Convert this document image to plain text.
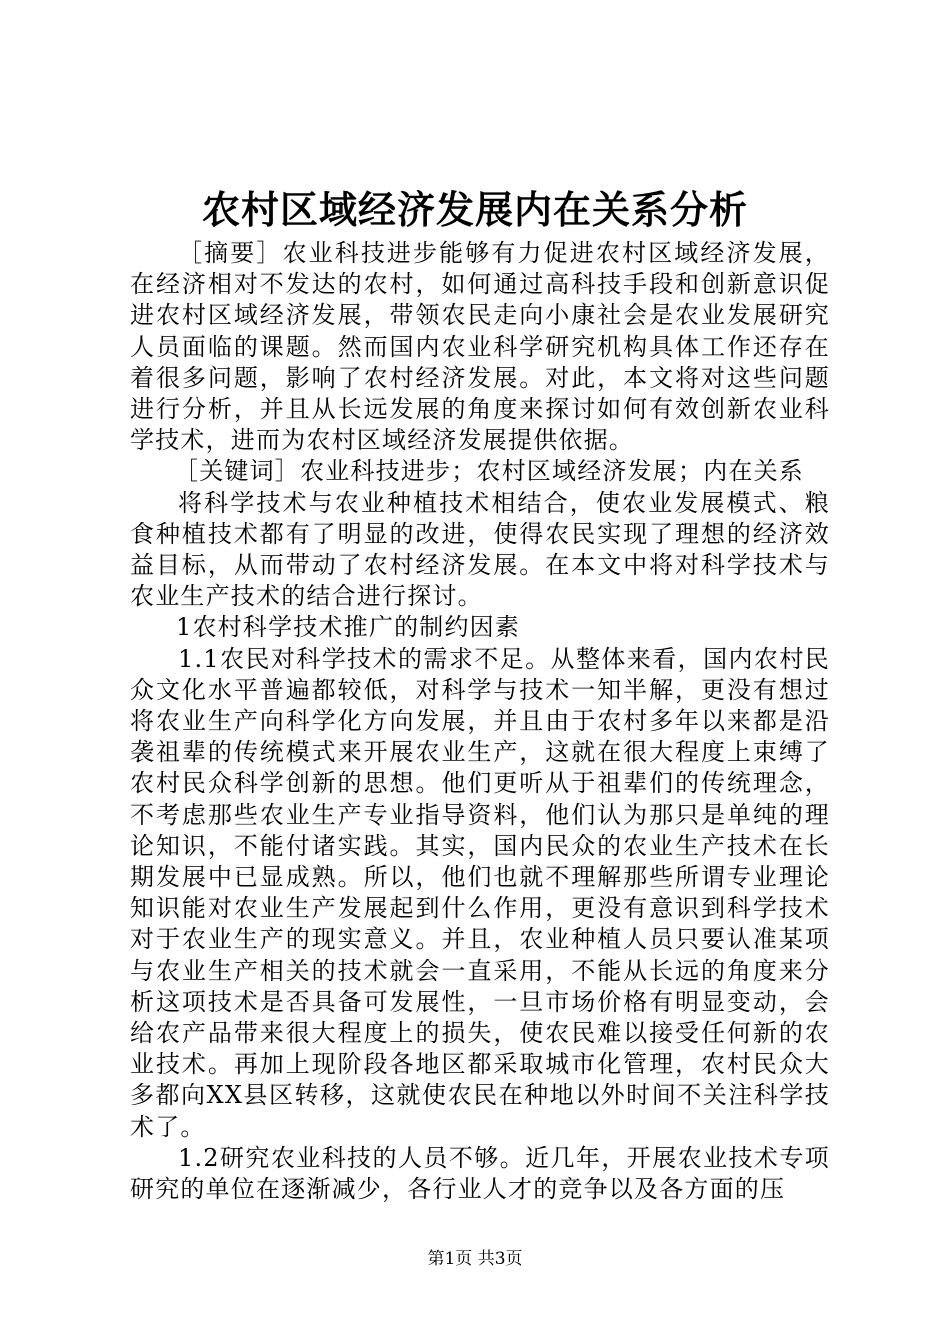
农村区域经济发展内在关系分析

［摘要］农业科技进步能够有力促进农村区域经济发展，在经济相对不发达的农村，如何通过高科技手段和创新意识促进农村区域经济发展，带领农民走向小康社会是农业发展研究人员面临的课题。然而国内农业科学研究机构具体工作还存在着很多问题，影响了农村经济发展。对此，本文将对这些问题进行分析，并且从长远发展的角度来探讨如何有效创新农业科学技术，进而为农村区域经济发展提供依据。

［关键词］农业科技进步；农村区域经济发展；内在关系

将科学技术与农业种植技术相结合，使农业发展模式、粮食种植技术都有了明显的改进，使得农民实现了理想的经济效益目标，从而带动了农村经济发展。在本文中将对科学技术与农业生产技术的结合进行探讨。

1农村科学技术推广的制约因素

1.1农民对科学技术的需求不足。从整体来看，国内农村民众文化水平普遍都较低，对科学与技术一知半解，更没有想过将农业生产向科学化方向发展，并且由于农村多年以来都是沿袭祖辈的传统模式来开展农业生产，这就在很大程度上束缚了农村民众科学创新的思想。他们更听从于祖辈们的传统理念，不考虑那些农业生产专业指导资料，他们认为那只是单纯的理论知识，不能付诸实践。其实，国内民众的农业生产技术在长期发展中已显成熟。所以，他们也就不理解那些所谓专业理论知识能对农业生产发展起到什么作用，更没有意识到科学技术对于农业生产的现实意义。并且，农业种植人员只要认准某项与农业生产相关的技术就会一直采用，不能从长远的角度来分析这项技术是否具备可发展性，一旦市场价格有明显变动，会给农产品带来很大程度上的损失，使农民难以接受任何新的农业技术。再加上现阶段各地区都采取城市化管理，农村民众大多都向XX县区转移，这就使农民在种地以外时间不关注科学技术了。

1.2研究农业科技的人员不够。近几年，开展农业技术专项研究的单位在逐渐减少，各行业人才的竞争以及各方面的压

第1页 共3页
